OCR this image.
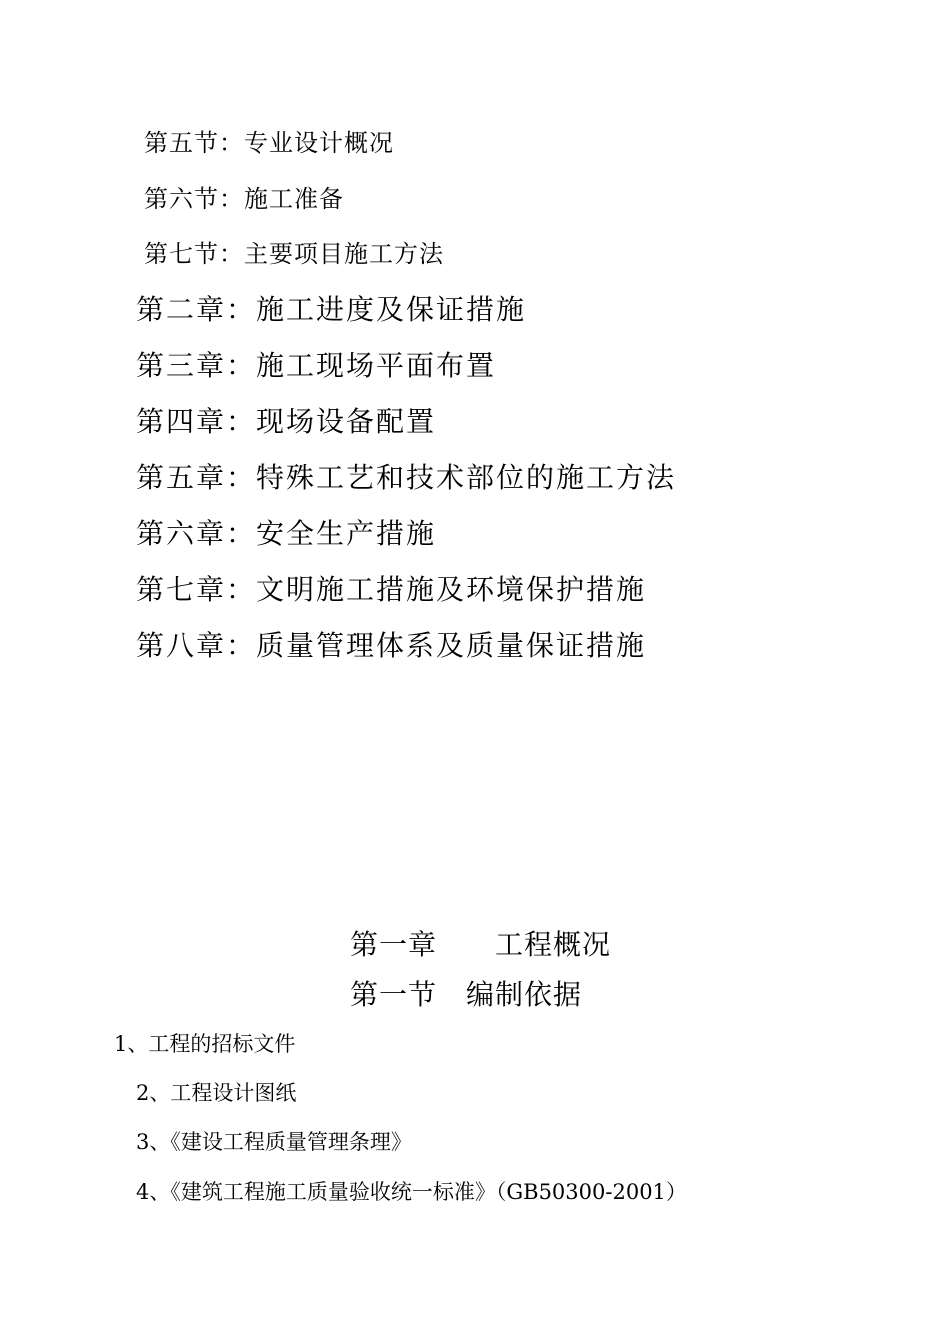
第五节：专业设计概况
第六节：施工准备
第七节：主要项目施工方法
第二章：施工进度及保证措施
第三章：施工现场平面布置
第四章：现场设备配置
第五章：特殊工艺和技术部位的施工方法
第六章：安全生产措施
第七章：文明施工措施及环境保护措施
第八章：质量管理体系及质量保证措施
第一章　　工程概况
第一节　编制依据
1、工程的招标文件
2、工程设计图纸
3、《建设工程质量管理条理》
4、《建筑工程施工质量验收统一标准》（GB50300-2001）
